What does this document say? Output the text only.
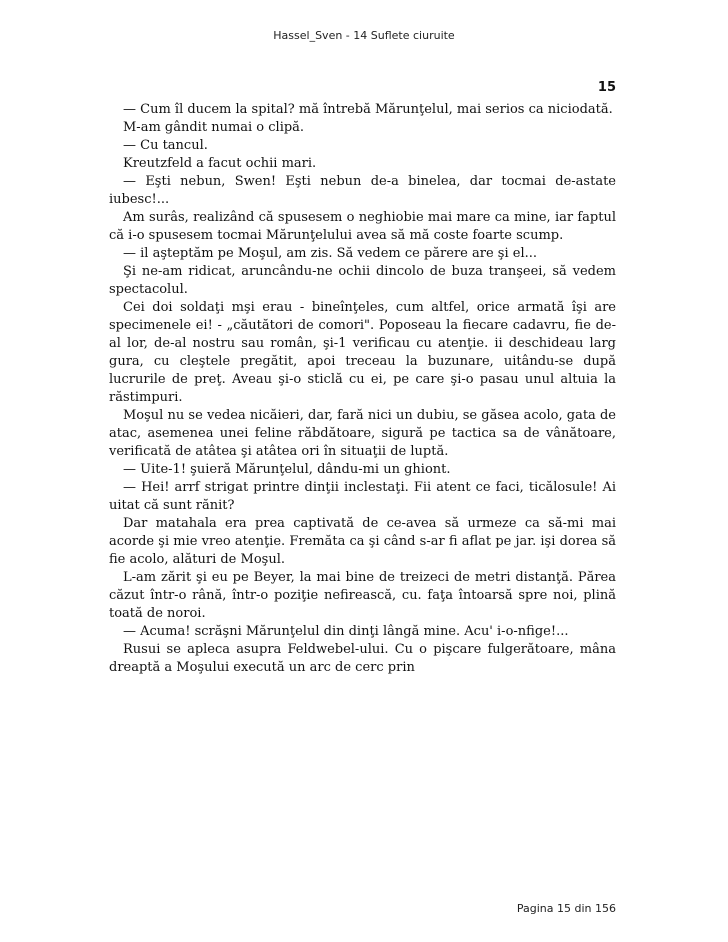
Hassel_Sven - 14 Suflete ciuruite
15

— Cum îl ducem la spital? mă întrebă Mărunţelul, mai serios ca niciodată.

M-am gândit numai o clipă.

— Cu tancul.

Kreutzfeld a facut ochii mari.

— Eşti nebun, Swen! Eşti nebun de-a binelea, dar tocmai de-astate iubesc!...

Am surâs, realizând că spusesem o neghiobie mai mare ca mine, iar faptul că i-o spusesem tocmai Mărunţelului avea să mă coste foarte scump.

— il aşteptăm pe Moşul, am zis. Să vedem ce părere are şi el...

Şi ne-am ridicat, aruncându-ne ochii dincolo de buza tranşeei, să vedem spectacolul.

Cei doi soldaţi mşi erau - bineînţeles, cum altfel, orice armată îşi are specimenele ei! - „căutători de comori". Poposeau la fiecare cadavru, fie de-al lor, de-al nostru sau român, şi-1 verificau cu atenţie. ii deschideau larg gura, cu cleştele pregătit, apoi treceau la buzunare, uitându-se după lucrurile de preţ. Aveau şi-o sticlă cu ei, pe care şi-o pasau unul altuia la răstimpuri.

Moşul nu se vedea nicăieri, dar, fară nici un dubiu, se găsea acolo, gata de atac, asemenea unei feline răbdătoare, sigură pe tactica sa de vânătoare, verificată de atâtea şi atâtea ori în situaţii de luptă.

— Uite-1! şuieră Mărunţelul, dându-mi un ghiont.

— Hei! arrf strigat printre dinţii inclestaţi. Fii atent ce faci, ticălosule! Ai uitat că sunt rănit?

Dar matahala era prea captivată de ce-avea să urmeze ca să-mi mai acorde şi mie vreo atenţie. Fremăta ca şi când s-ar fi aflat pe jar. işi dorea să fie acolo, alături de Moşul.

L-am zărit şi eu pe Beyer, la mai bine de treizeci de metri distanţă. Părea căzut într-o rână, într-o poziţie nefirească, cu. faţa întoarsă spre noi, plină toată de noroi.

— Acuma! scrăşni Mărunţelul din dinţi lângă mine. Acu' i-o-nfige!...

Rusui se apleca asupra Feldwebel-ului. Cu o pişcare fulgerătoare, mâna dreaptă a Moşului execută un arc de cerc prin

Pagina 15 din 156
